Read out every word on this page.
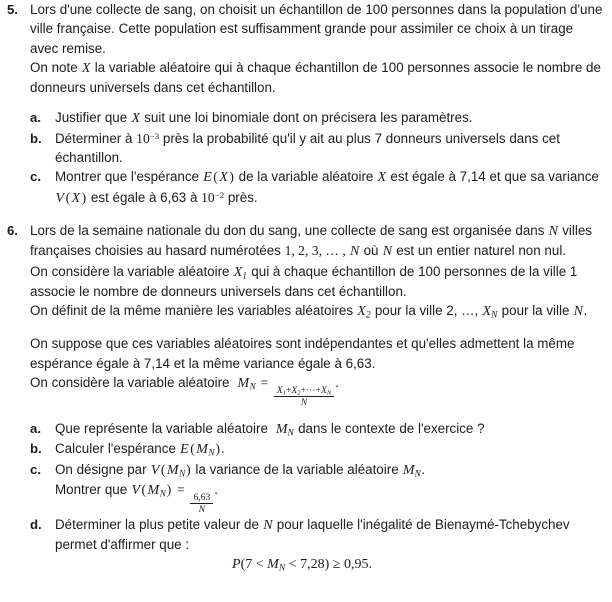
5. Lors d'une collecte de sang, on choisit un échantillon de 100 personnes dans la population d'une ville française. Cette population est suffisamment grande pour assimiler ce choix à un tirage avec remise.

On note X la variable aléatoire qui à chaque échantillon de 100 personnes associe le nombre de donneurs universels dans cet échantillon.

a.	Justifier que X suit une loi binomiale dont on précisera les paramètres.
b. Déterminer à $10^{-3}$ près la probabilité qu'il y ait au plus 7 donneurs universels dans cet échantillon.
c.	Montrer que l'espérance E ( X ) de la variable aléatoire X est égale à 7,14 et que sa variance V ( X ) est égale à 6,63 à $10^{-2}$ près.
6. Lors de la semaine nationale du don du sang, une collecte de sang est organisée dans N villes françaises choisies au hasard numérotées 1, 2, 3, … , N où N est un entier naturel non nul.

On considère la variable aléatoire $X_1$ qui à chaque échantillon de 100 personnes de la ville 1 associe le nombre de donneurs universels dans cet échantillon.

On définit de la même manière les variables aléatoires $X_2$ pour la ville 2, …, $X_N$ pour la ville N.

On suppose que ces variables aléatoires sont indépendantes et qu'elles admettent la même espérance égale à 7,14 et la même variance égale à 6,63.

On considère la variable aléatoire $M_N$ =
$\frac{X_1+X_2+\cdots+X_N}{N}$
.

a.	Que représente la variable aléatoire $M_N$ dans le contexte de l'exercice ?
b. Calculer l'espérance E ( $M_N$).
c.	On désigne par V ( $M_N$) la variance de la variable aléatoire $M_N$.
Montrer que V ( $M_N$) =
$\frac{6,63}{N}$
.
d. Déterminer la plus petite valeur de N pour laquelle l'inégalité de Bienaymé-Tchebychev permet d'affirmer que :
$P(7 < M_N < 7,28) \ge 0,95$.
